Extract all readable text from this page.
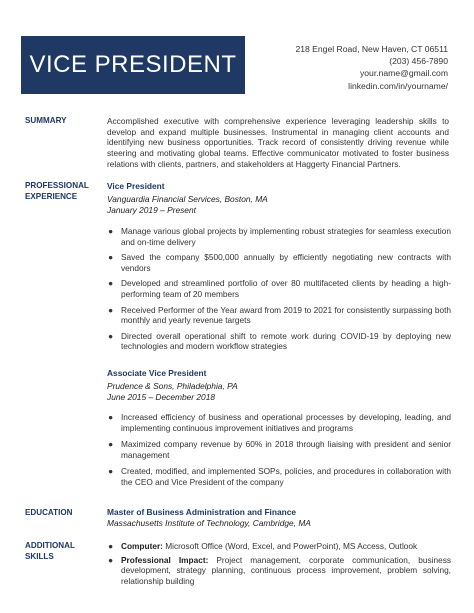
VICE PRESIDENT
218 Engel Road, New Haven, CT 06511
(203) 456-7890
your.name@gmail.com
linkedin.com/in/yourname/
SUMMARY	Accomplished executive with comprehensive experience leveraging leadership skills to develop and expand multiple businesses. Instrumental in managing client accounts and identifying new business opportunities. Track record of consistently driving revenue while steering and motivating global teams. Effective communicator motivated to foster business relations with clients, partners, and stakeholders at Haggerty Financial Partners.
PROFESSIONAL
EXPERIENCE
Vice President
Vanguardia Financial Services, Boston, MA
January 2019 – Present
● Manage various global projects by implementing robust strategies for seamless execution and on-time delivery
● Saved the company $500,000 annually by efficiently negotiating new contracts with vendors
● Developed and streamlined portfolio of over 80 multifaceted clients by heading a high-performing team of 20 members
● Received Performer of the Year award from 2019 to 2021 for consistently surpassing both monthly and yearly revenue targets
● Directed overall operational shift to remote work during COVID-19 by deploying new technologies and modern workflow strategies
Associate Vice President
Prudence & Sons, Philadelphia, PA
June 2015 – December 2018
● Increased efficiency of business and operational processes by developing, leading, and implementing continuous improvement initiatives and programs
● Maximized company revenue by 60% in 2018 through liaising with president and senior management
● Created, modified, and implemented SOPs, policies, and procedures in collaboration with the CEO and Vice President of the company
EDUCATION	Master of Business Administration and Finance
Massachusetts Institute of Technology, Cambridge, MA
ADDITIONAL
SKILLS
● Computer: Microsoft Office (Word, Excel, and PowerPoint), MS Access, Outlook
● Professional Impact: Project management, corporate communication, business development, strategy planning, continuous process improvement, problem solving, relationship building
